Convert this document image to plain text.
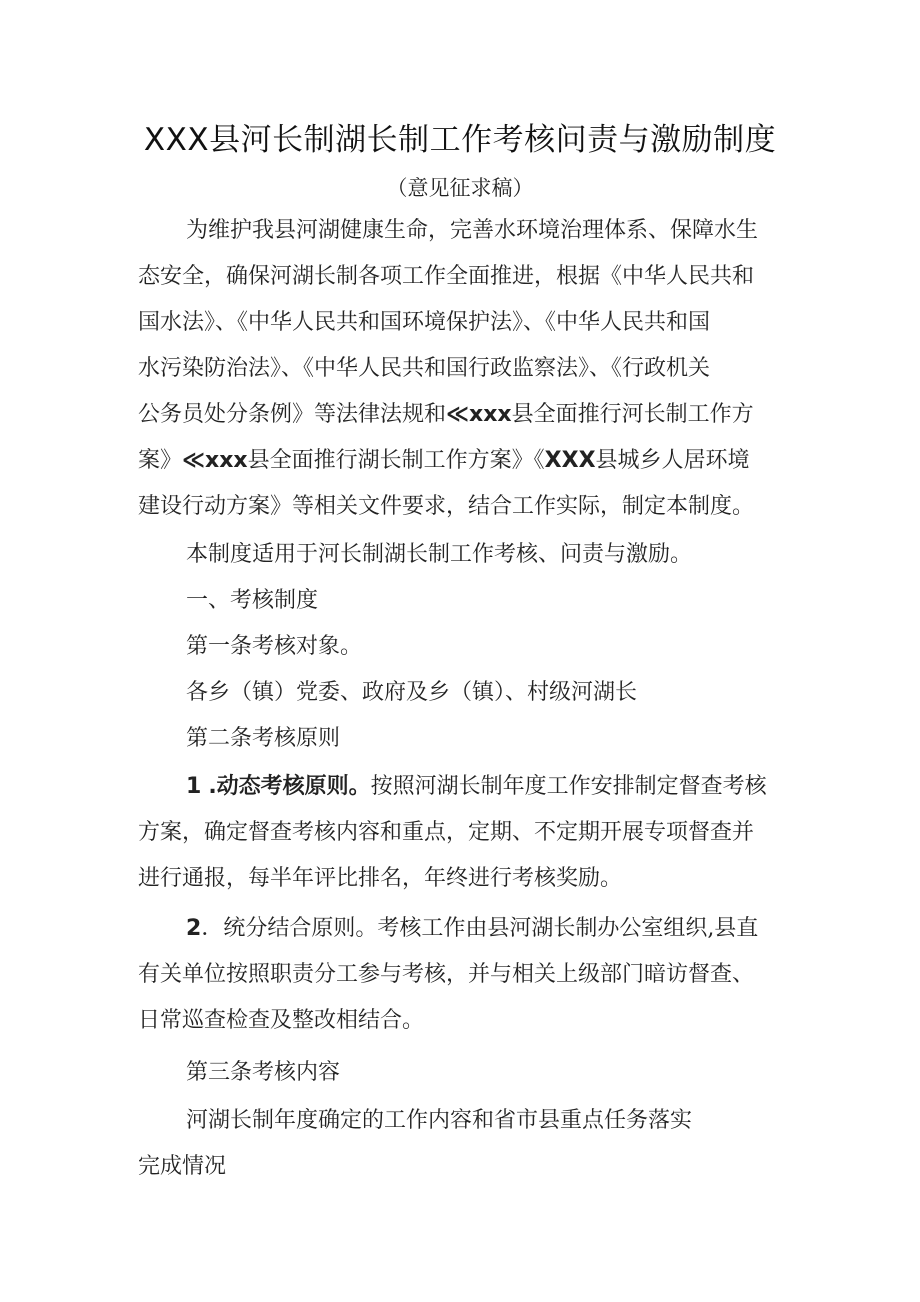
XXX县河长制湖长制工作考核问责与激励制度
（意见征求稿）
为维护我县河湖健康生命，完善水环境治理体系、保障水生
态安全，确保河湖长制各项工作全面推进，根据《中华人民共和
国水法》、《中华人民共和国环境保护法》、《中华人民共和国
水污染防治法》、《中华人民共和国行政监察法》、《行政机关
公务员处分条例》等法律法规和≪xxx县全面推行河长制工作方
案》≪xxx县全面推行湖长制工作方案》《XXX县城乡人居环境
建设行动方案》等相关文件要求，结合工作实际，制定本制度。
本制度适用于河长制湖长制工作考核、问责与激励。
一、考核制度
第一条考核对象。
各乡（镇）党委、政府及乡（镇）、村级河湖长
第二条考核原则
1 .动态考核原则。按照河湖长制年度工作安排制定督查考核
方案，确定督查考核内容和重点，定期、不定期开展专项督查并
进行通报，每半年评比排名，年终进行考核奖励。
2．统分结合原则。考核工作由县河湖长制办公室组织,县直
有关单位按照职责分工参与考核，并与相关上级部门暗访督查、
日常巡查检查及整改相结合。
第三条考核内容
河湖长制年度确定的工作内容和省市县重点任务落实
完成情况
